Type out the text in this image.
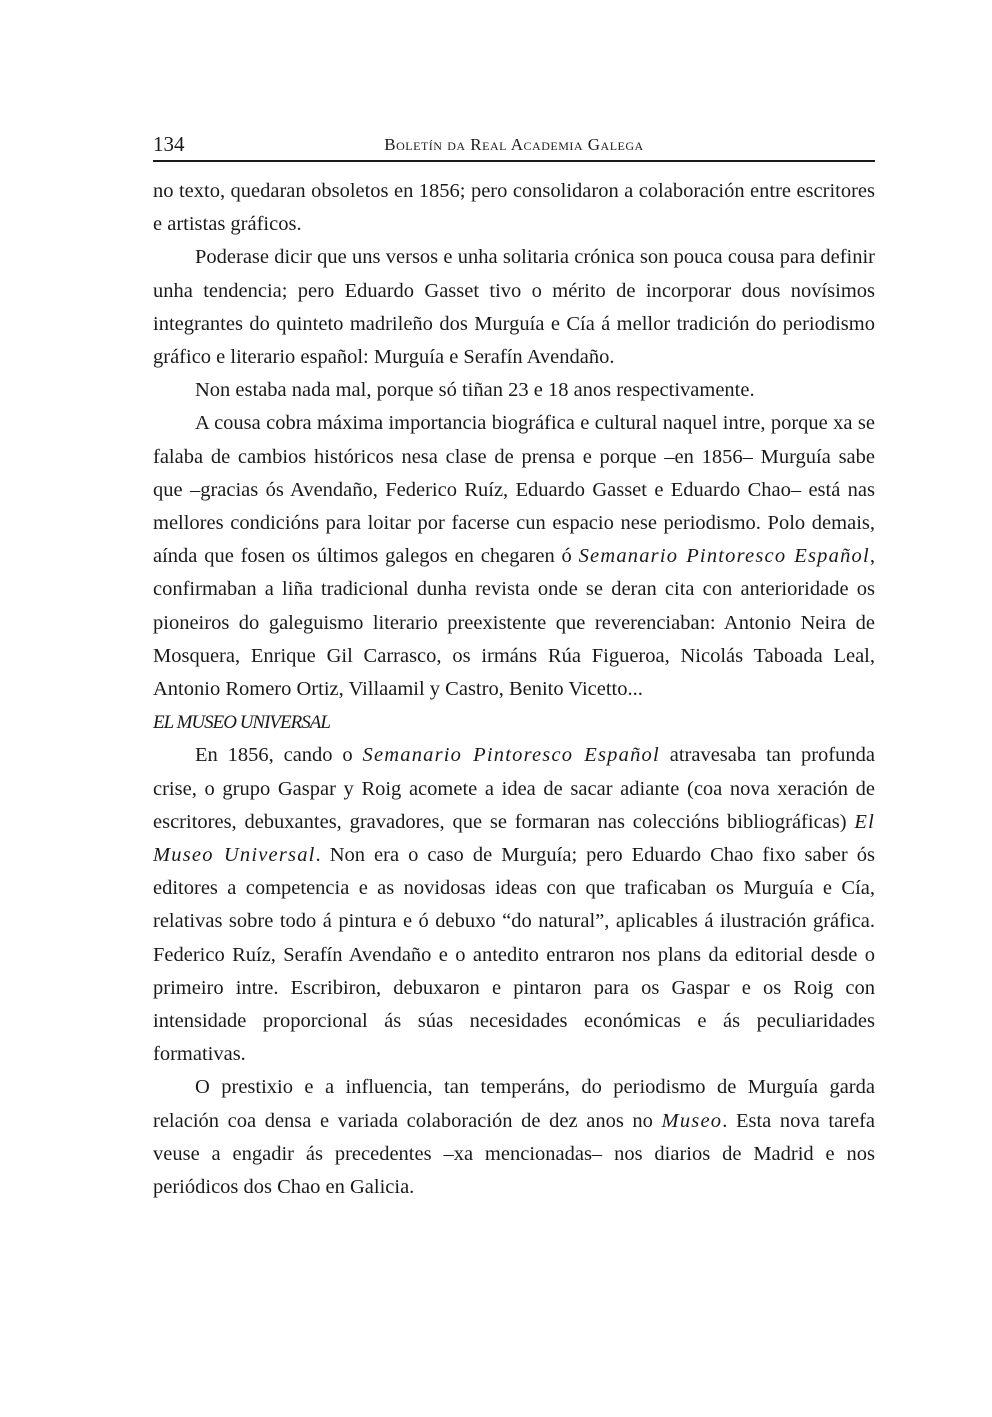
134	Boletín da Real Academia Galega

no texto, quedaran obsoletos en 1856; pero consolidaron a colaboración entre escritores e artistas gráficos.

Poderase dicir que uns versos e unha solitaria crónica son pouca cousa para definir unha tendencia; pero Eduardo Gasset tivo o mérito de incorporar dous novísimos integrantes do quinteto madrileño dos Murguía e Cía á mellor tradición do periodismo gráfico e literario español: Murguía e Serafín Avendaño.

Non estaba nada mal, porque só tiñan 23 e 18 anos respectivamente.

A cousa cobra máxima importancia biográfica e cultural naquel intre, porque xa se falaba de cambios históricos nesa clase de prensa e porque –en 1856– Murguía sabe que –gracias ós Avendaño, Federico Ruíz, Eduardo Gasset e Eduardo Chao– está nas mellores condicións para loitar por facerse cun espacio nese periodismo. Polo demais, aínda que fosen os últimos galegos en chegaren ó Semanario Pintoresco Español, confirmaban a liña tradicional dunha revista onde se deran cita con anterioridade os pioneiros do galeguismo literario preexistente que reverenciaban: Antonio Neira de Mosquera, Enrique Gil Carrasco, os irmáns Rúa Figueroa, Nicolás Taboada Leal, Antonio Romero Ortiz, Villaamil y Castro, Benito Vicetto...

EL MUSEO UNIVERSAL

En 1856, cando o Semanario Pintoresco Español atravesaba tan profunda crise, o grupo Gaspar y Roig acomete a idea de sacar adiante (coa nova xeración de escritores, debuxantes, gravadores, que se formaran nas coleccións bibliográficas) El Museo Universal. Non era o caso de Murguía; pero Eduardo Chao fixo saber ós editores a competencia e as novidosas ideas con que traficaban os Murguía e Cía, relativas sobre todo á pintura e ó debuxo “do natural”, aplicables á ilustración gráfica. Federico Ruíz, Serafín Avendaño e o antedito entraron nos plans da editorial desde o primeiro intre. Escribiron, debuxaron e pintaron para os Gaspar e os Roig con intensidade proporcional ás súas necesidades económicas e ás peculiaridades formativas.

O prestixio e a influencia, tan temperáns, do periodismo de Murguía garda relación coa densa e variada colaboración de dez anos no Museo. Esta nova tarefa veuse a engadir ás precedentes –xa mencionadas– nos diarios de Madrid e nos periódicos dos Chao en Galicia.
